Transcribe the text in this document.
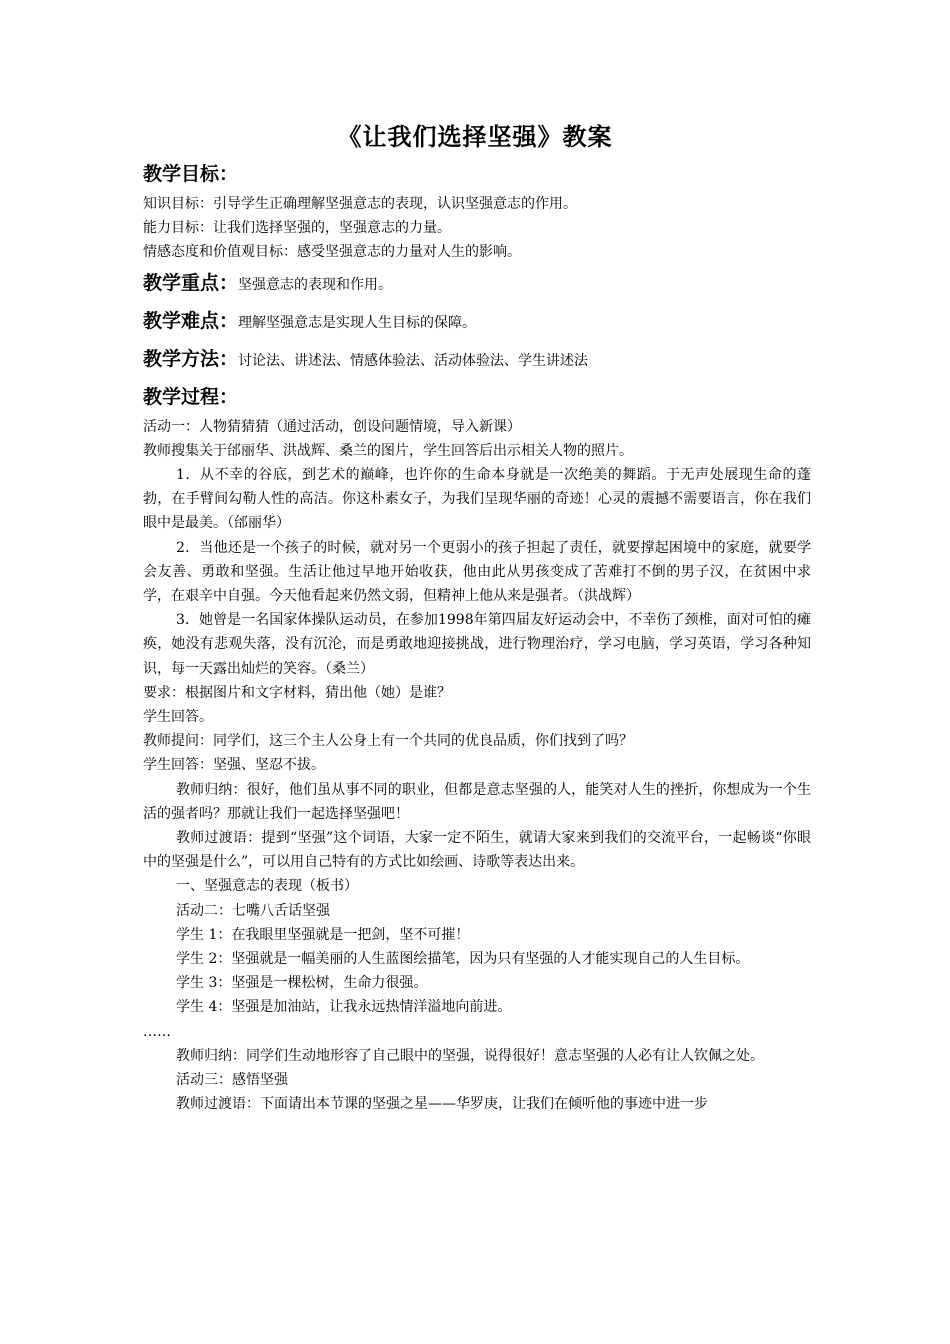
《让我们选择坚强》教案
教学目标：

知识目标：引导学生正确理解坚强意志的表现，认识坚强意志的作用。

能力目标：让我们选择坚强的，坚强意志的力量。

情感态度和价值观目标：感受坚强意志的力量对人生的影响。

教学重点：坚强意志的表现和作用。
教学难点：理解坚强意志是实现人生目标的保障。
教学方法：讨论法、讲述法、情感体验法、活动体验法、学生讲述法
教学过程：

活动一：人物猜猜猜（通过活动，创设问题情境，导入新课）

教师搜集关于邰丽华、洪战辉、桑兰的图片，学生回答后出示相关人物的照片。

1．从不幸的谷底，到艺术的巅峰，也许你的生命本身就是一次绝美的舞蹈。于无声处展现生命的蓬勃，在手臂间勾勒人性的高洁。你这朴素女子，为我们呈现华丽的奇迹！心灵的震撼不需要语言，你在我们眼中是最美。（邰丽华）

2．当他还是一个孩子的时候，就对另一个更弱小的孩子担起了责任，就要撑起困境中的家庭，就要学会友善、勇敢和坚强。生活让他过早地开始收获，他由此从男孩变成了苦难打不倒的男子汉，在贫困中求学，在艰辛中自强。今天他看起来仍然文弱，但精神上他从来是强者。（洪战辉）

3．她曾是一名国家体操队运动员，在参加1998年第四届友好运动会中，不幸伤了颈椎，面对可怕的瘫痪，她没有悲观失落，没有沉沦，而是勇敢地迎接挑战，进行物理治疗，学习电脑，学习英语，学习各种知识，每一天露出灿烂的笑容。（桑兰）

要求：根据图片和文字材料，猜出他（她）是谁？

学生回答。

教师提问：同学们，这三个主人公身上有一个共同的优良品质，你们找到了吗？

学生回答：坚强、坚忍不拔。

教师归纳：很好，他们虽从事不同的职业，但都是意志坚强的人，能笑对人生的挫折，你想成为一个生活的强者吗？那就让我们一起选择坚强吧！

教师过渡语：提到“坚强”这个词语，大家一定不陌生，就请大家来到我们的交流平台，一起畅谈“你眼中的坚强是什么”，可以用自己特有的方式比如绘画、诗歌等表达出来。

一、坚强意志的表现（板书）

活动二：七嘴八舌话坚强

学生 1：在我眼里坚强就是一把剑，坚不可摧！

学生 2：坚强就是一幅美丽的人生蓝图绘描笔，因为只有坚强的人才能实现自己的人生目标。

学生 3：坚强是一棵松树，生命力很强。

学生 4：坚强是加油站，让我永远热情洋溢地向前进。

……

教师归纳：同学们生动地形容了自己眼中的坚强，说得很好！意志坚强的人必有让人钦佩之处。

活动三：感悟坚强

教师过渡语：下面请出本节课的坚强之星——华罗庚，让我们在倾听他的事迹中进一步
